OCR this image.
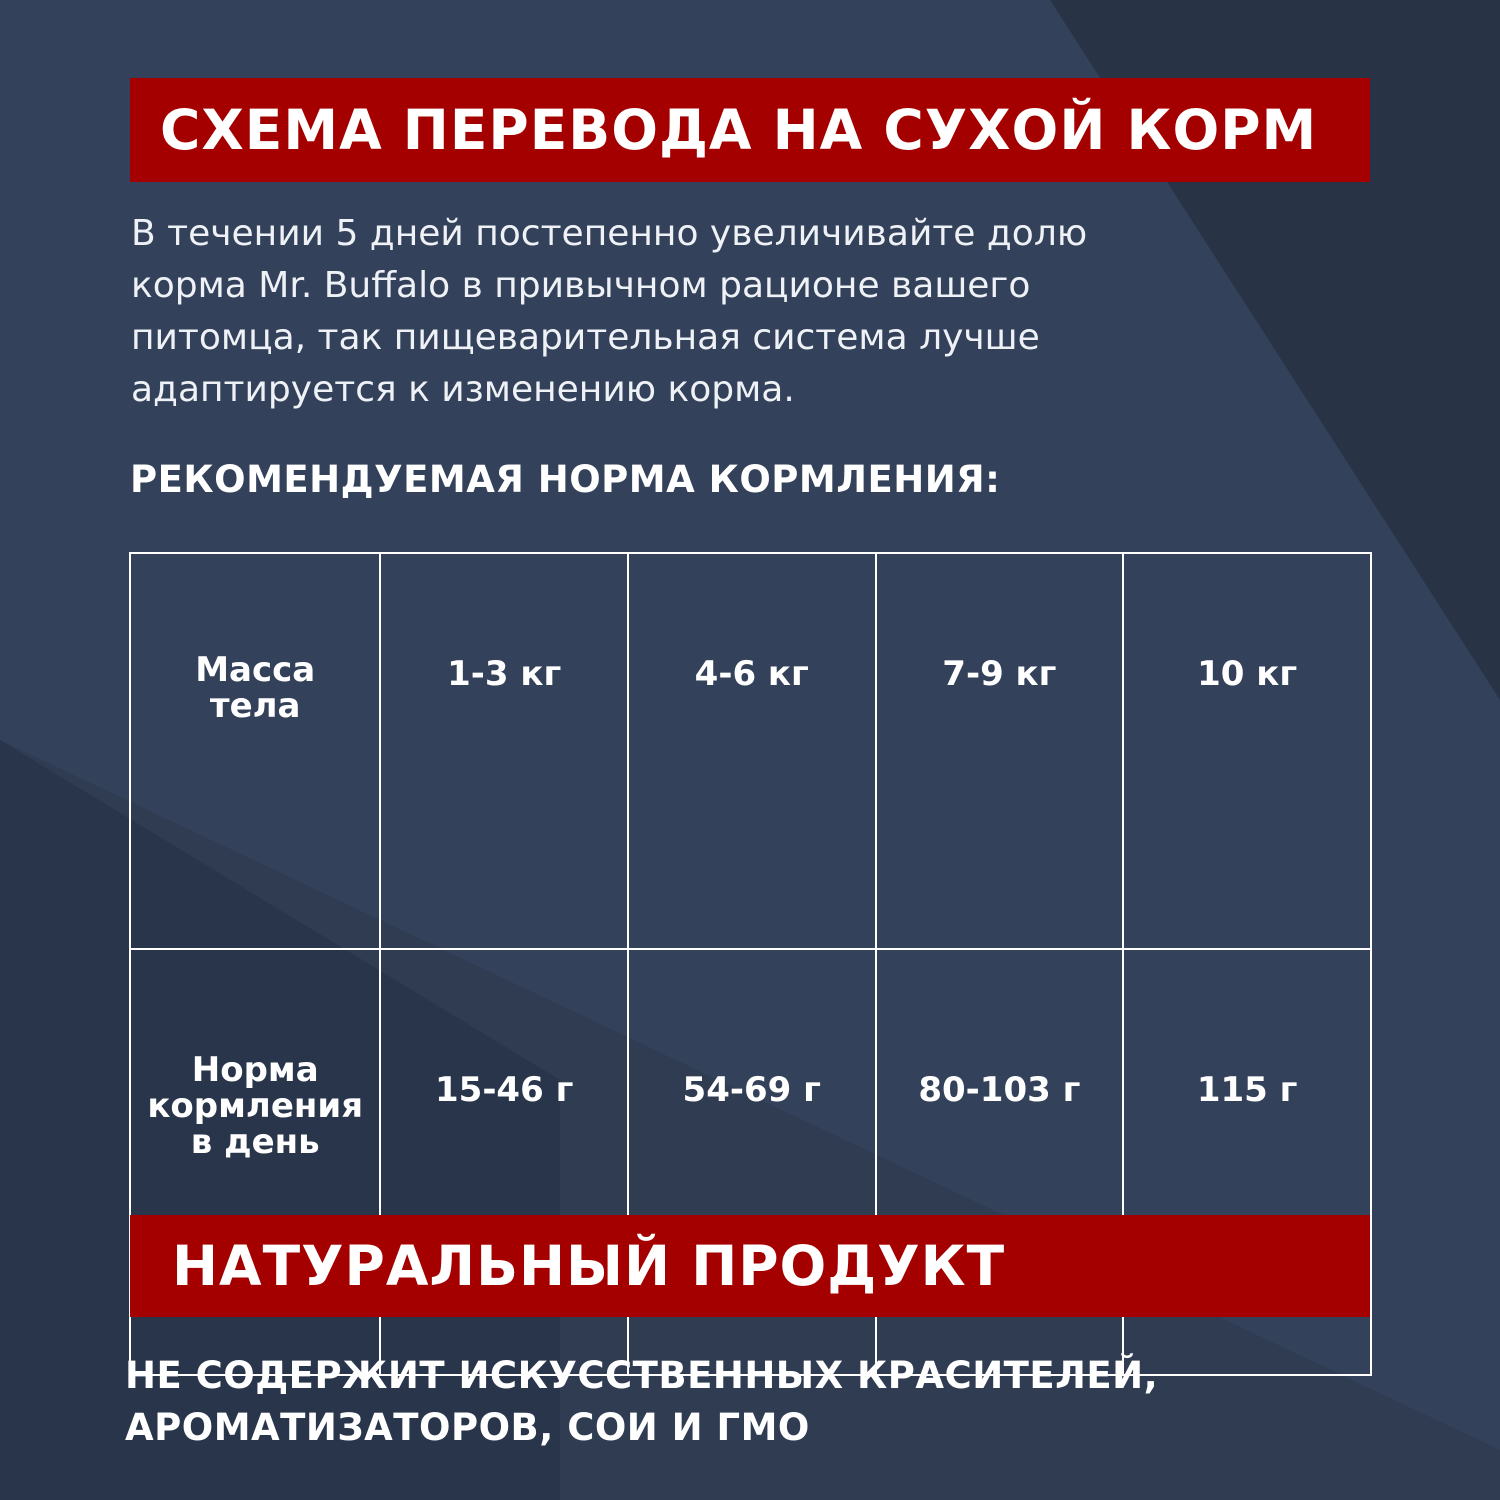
СХЕМА ПЕРЕВОДА НА СУХОЙ КОРМ
В течении 5 дней постепенно увеличивайте долю
корма Mr. Buffalo в привычном рационе вашего
питомца, так пищеварительная система лучше
адаптируется к изменению корма.
РЕКОМЕНДУЕМАЯ НОРМА КОРМЛЕНИЯ:
Масса
тела	1-3 кг	4-6 кг	7-9 кг	10 кг

Норма
кормления
в день	15-46 г	54-69 г	80-103 г	115 г
НАТУРАЛЬНЫЙ ПРОДУКТ
НЕ СОДЕРЖИТ ИСКУССТВЕННЫХ КРАСИТЕЛЕЙ,
АРОМАТИЗАТОРОВ, СОИ И ГМО
